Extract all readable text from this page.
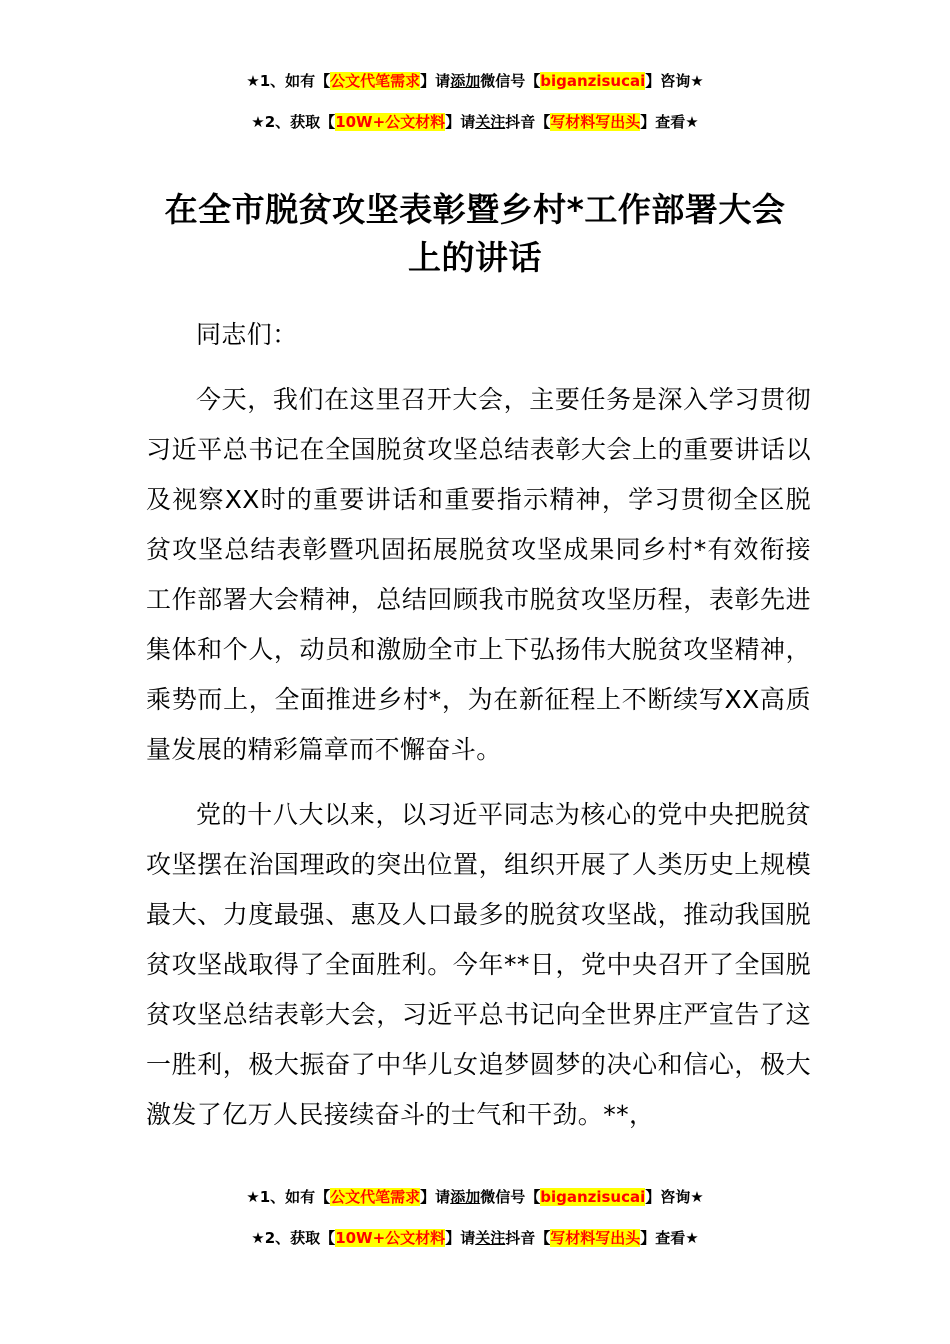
★1、如有【公文代笔需求】请添加微信号【biganzisucai】咨询★
★2、获取【10W+公文材料】请关注抖音【写材料写出头】查看★
在全市脱贫攻坚表彰暨乡村*工作部署大会
上的讲话

同志们：

今天，我们在这里召开大会，主要任务是深入学习贯彻习近平总书记在全国脱贫攻坚总结表彰大会上的重要讲话以及视察XX时的重要讲话和重要指示精神，学习贯彻全区脱贫攻坚总结表彰暨巩固拓展脱贫攻坚成果同乡村*有效衔接工作部署大会精神，总结回顾我市脱贫攻坚历程，表彰先进集体和个人，动员和激励全市上下弘扬伟大脱贫攻坚精神，乘势而上，全面推进乡村*，为在新征程上不断续写XX高质量发展的精彩篇章而不懈奋斗。

党的十八大以来，以习近平同志为核心的党中央把脱贫攻坚摆在治国理政的突出位置，组织开展了人类历史上规模最大、力度最强、惠及人口最多的脱贫攻坚战，推动我国脱贫攻坚战取得了全面胜利。今年**日，党中央召开了全国脱贫攻坚总结表彰大会，习近平总书记向全世界庄严宣告了这一胜利，极大振奋了中华儿女追梦圆梦的决心和信心，极大激发了亿万人民接续奋斗的士气和干劲。**，

★1、如有【公文代笔需求】请添加微信号【biganzisucai】咨询★
★2、获取【10W+公文材料】请关注抖音【写材料写出头】查看★
